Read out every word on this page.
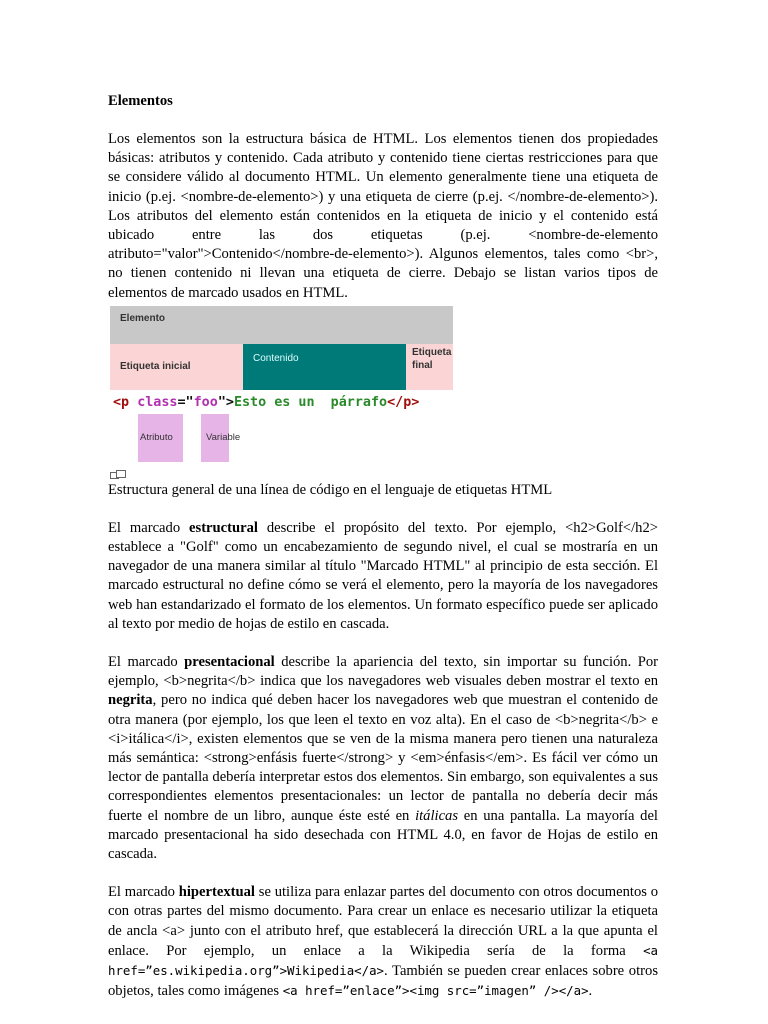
Elementos

Los elementos son la estructura básica de HTML. Los elementos tienen dos propiedades básicas: atributos y contenido. Cada atributo y contenido tiene ciertas restricciones para que se considere válido al documento HTML. Un elemento generalmente tiene una etiqueta de inicio (p.ej. <nombre-de-elemento>) y una etiqueta de cierre (p.ej. </nombre-de-elemento>). Los atributos del elemento están contenidos en la etiqueta de inicio y el contenido está ubicado entre las dos etiquetas (p.ej. <nombre-de-elemento atributo="valor">Contenido</nombre-de-elemento>). Algunos elementos, tales como <br>, no tienen contenido ni llevan una etiqueta de cierre. Debajo se listan varios tipos de elementos de marcado usados en HTML.

Elemento
Etiqueta inicial
Contenido
Etiqueta
final
<p class="foo">Esto es un  párrafo</p>
Atributo	Variable
Estructura general de una línea de código en el lenguaje de etiquetas HTML

El marcado estructural describe el propósito del texto. Por ejemplo, <h2>Golf</h2> establece a "Golf" como un encabezamiento de segundo nivel, el cual se mostraría en un navegador de una manera similar al título "Marcado HTML" al principio de esta sección. El marcado estructural no define cómo se verá el elemento, pero la mayoría de los navegadores web han estandarizado el formato de los elementos. Un formato específico puede ser aplicado al texto por medio de hojas de estilo en cascada.

El marcado presentacional describe la apariencia del texto, sin importar su función. Por ejemplo, <b>negrita</b> indica que los navegadores web visuales deben mostrar el texto en negrita, pero no indica qué deben hacer los navegadores web que muestran el contenido de otra manera (por ejemplo, los que leen el texto en voz alta). En el caso de <b>negrita</b> e <i>itálica</i>, existen elementos que se ven de la misma manera pero tienen una naturaleza más semántica: <strong>enfásis fuerte</strong> y <em>énfasis</em>. Es fácil ver cómo un lector de pantalla debería interpretar estos dos elementos. Sin embargo, son equivalentes a sus correspondientes elementos presentacionales: un lector de pantalla no debería decir más fuerte el nombre de un libro, aunque éste esté en itálicas en una pantalla. La mayoría del marcado presentacional ha sido desechada con HTML 4.0, en favor de Hojas de estilo en cascada.

El marcado hipertextual se utiliza para enlazar partes del documento con otros documentos o con otras partes del mismo documento. Para crear un enlace es necesario utilizar la etiqueta de ancla <a> junto con el atributo href, que establecerá la dirección URL a la que apunta el enlace. Por ejemplo, un enlace a la Wikipedia sería de la forma <a href=”es.wikipedia.org”>Wikipedia</a>. También se pueden crear enlaces sobre otros objetos, tales como imágenes <a href=”enlace”><img src=”imagen” /></a>.
